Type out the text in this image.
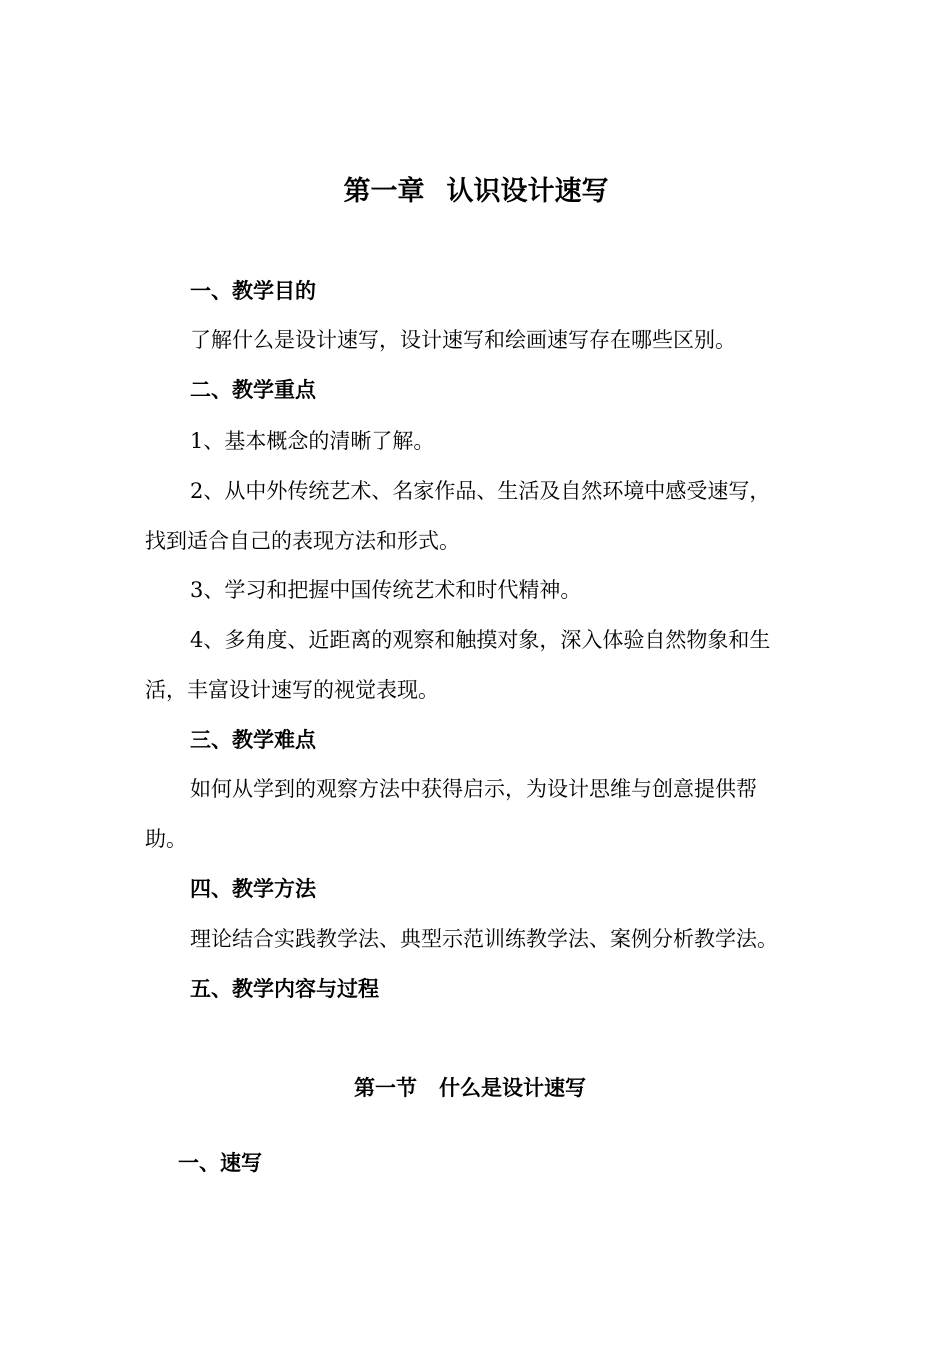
第一章 认识设计速写

一、教学目的

了解什么是设计速写，设计速写和绘画速写存在哪些区别。

二、教学重点

1、基本概念的清晰了解。

2、从中外传统艺术、名家作品、生活及自然环境中感受速写，

找到适合自己的表现方法和形式。

3、学习和把握中国传统艺术和时代精神。

4、多角度、近距离的观察和触摸对象，深入体验自然物象和生

活，丰富设计速写的视觉表现。

三、教学难点

如何从学到的观察方法中获得启示，为设计思维与创意提供帮

助。

四、教学方法

理论结合实践教学法、典型示范训练教学法、案例分析教学法。

五、教学内容与过程

第一节 什么是设计速写

一、速写
